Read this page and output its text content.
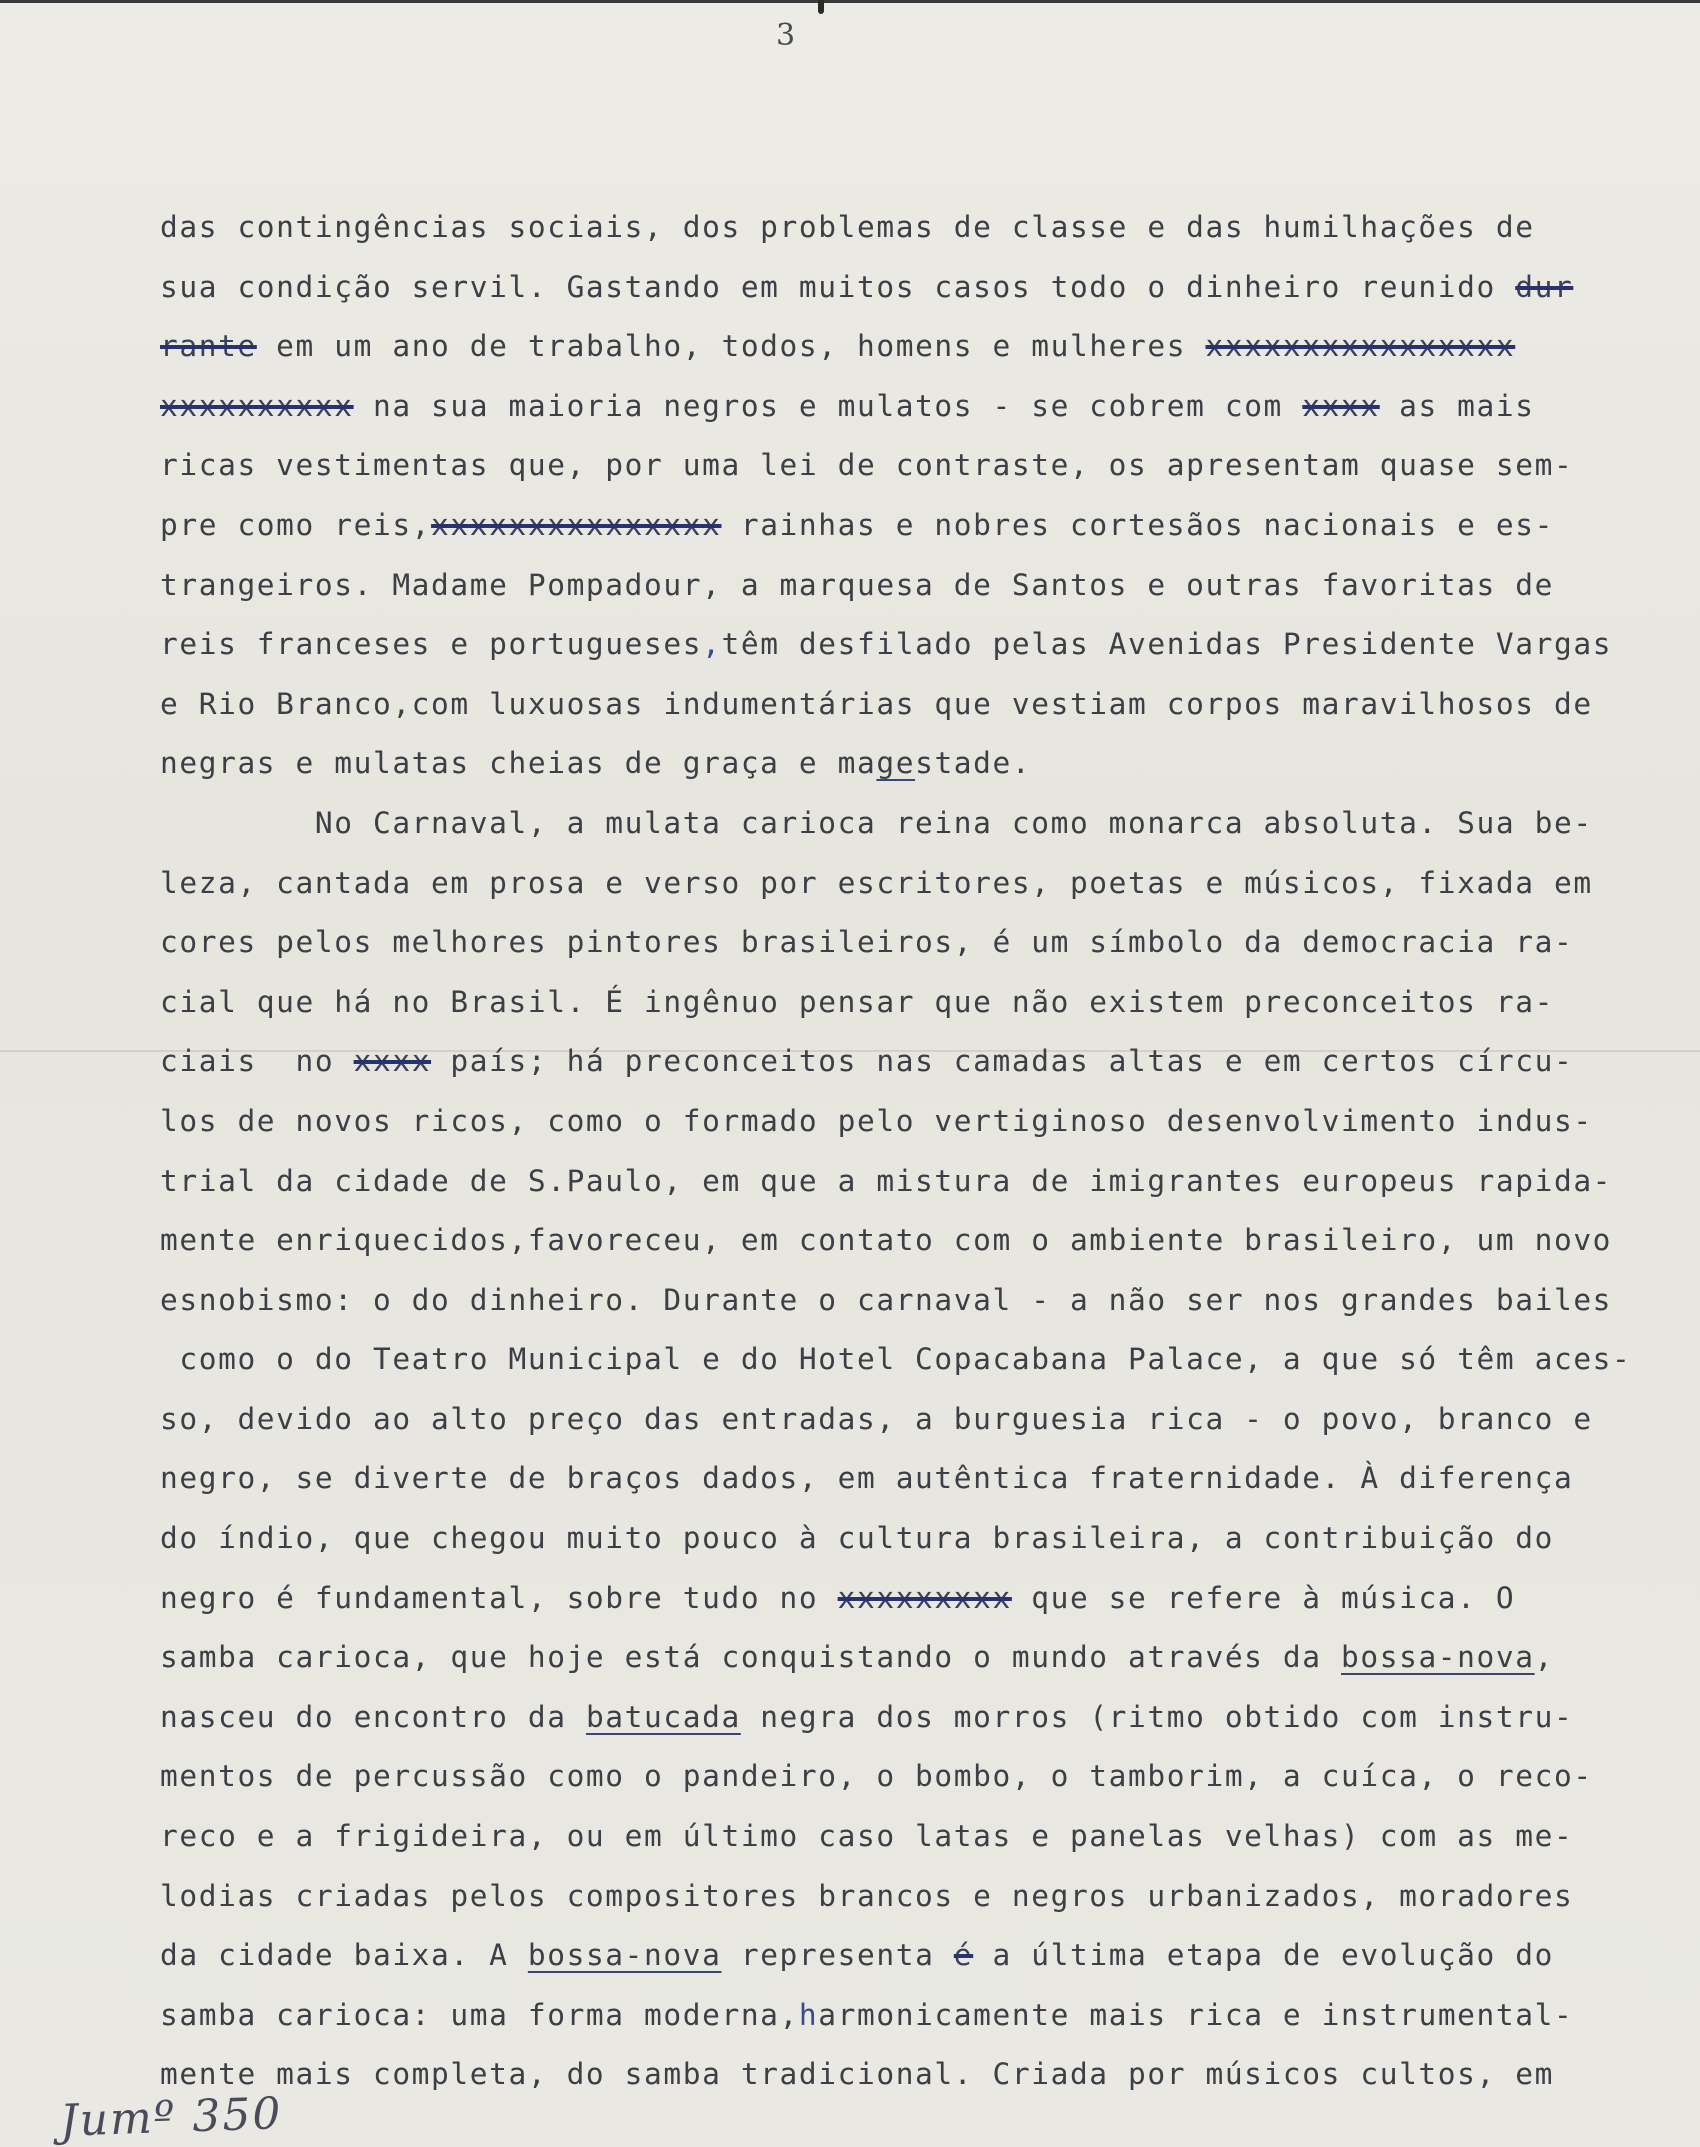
3
das contingências sociais, dos problemas de classe e das humilhações de
sua condição servil. Gastando em muitos casos todo o dinheiro reunido dur
rante em um ano de trabalho, todos, homens e mulheres xxxxxxxxxxxxxxxx
xxxxxxxxxx na sua maioria negros e mulatos - se cobrem com xxxx as mais
ricas vestimentas que, por uma lei de contraste, os apresentam quase sem-
pre como reis,xxxxxxxxxxxxxxx rainhas e nobres cortesãos nacionais e es-
trangeiros. Madame Pompadour, a marquesa de Santos e outras favoritas de
reis franceses e portugueses,têm desfilado pelas Avenidas Presidente Vargas
e Rio Branco,com luxuosas indumentárias que vestiam corpos maravilhosos de
negras e mulatas cheias de graça e magestade.
No Carnaval, a mulata carioca reina como monarca absoluta. Sua be-
leza, cantada em prosa e verso por escritores, poetas e músicos, fixada em
cores pelos melhores pintores brasileiros, é um símbolo da democracia ra-
cial que há no Brasil. É ingênuo pensar que não existem preconceitos ra-
ciais  no xxxx país; há preconceitos nas camadas altas e em certos círcu-
los de novos ricos, como o formado pelo vertiginoso desenvolvimento indus-
trial da cidade de S.Paulo, em que a mistura de imigrantes europeus rapida-
mente enriquecidos,favoreceu, em contato com o ambiente brasileiro, um novo
esnobismo: o do dinheiro. Durante o carnaval - a não ser nos grandes bailes
como o do Teatro Municipal e do Hotel Copacabana Palace, a que só têm aces-
so, devido ao alto preço das entradas, a burguesia rica - o povo, branco e
negro, se diverte de braços dados, em autêntica fraternidade. À diferença
do índio, que chegou muito pouco à cultura brasileira, a contribuição do
negro é fundamental, sobre tudo no xxxxxxxxx que se refere à música. O
samba carioca, que hoje está conquistando o mundo através da bossa-nova,
nasceu do encontro da batucada negra dos morros (ritmo obtido com instru-
mentos de percussão como o pandeiro, o bombo, o tamborim, a cuíca, o reco-
reco e a frigideira, ou em último caso latas e panelas velhas) com as me-
lodias criadas pelos compositores brancos e negros urbanizados, moradores
da cidade baixa. A bossa-nova representa é a última etapa de evolução do
samba carioca: uma forma moderna,harmonicamente mais rica e instrumental-
mente mais completa, do samba tradicional. Criada por músicos cultos, em
Jumº 350
